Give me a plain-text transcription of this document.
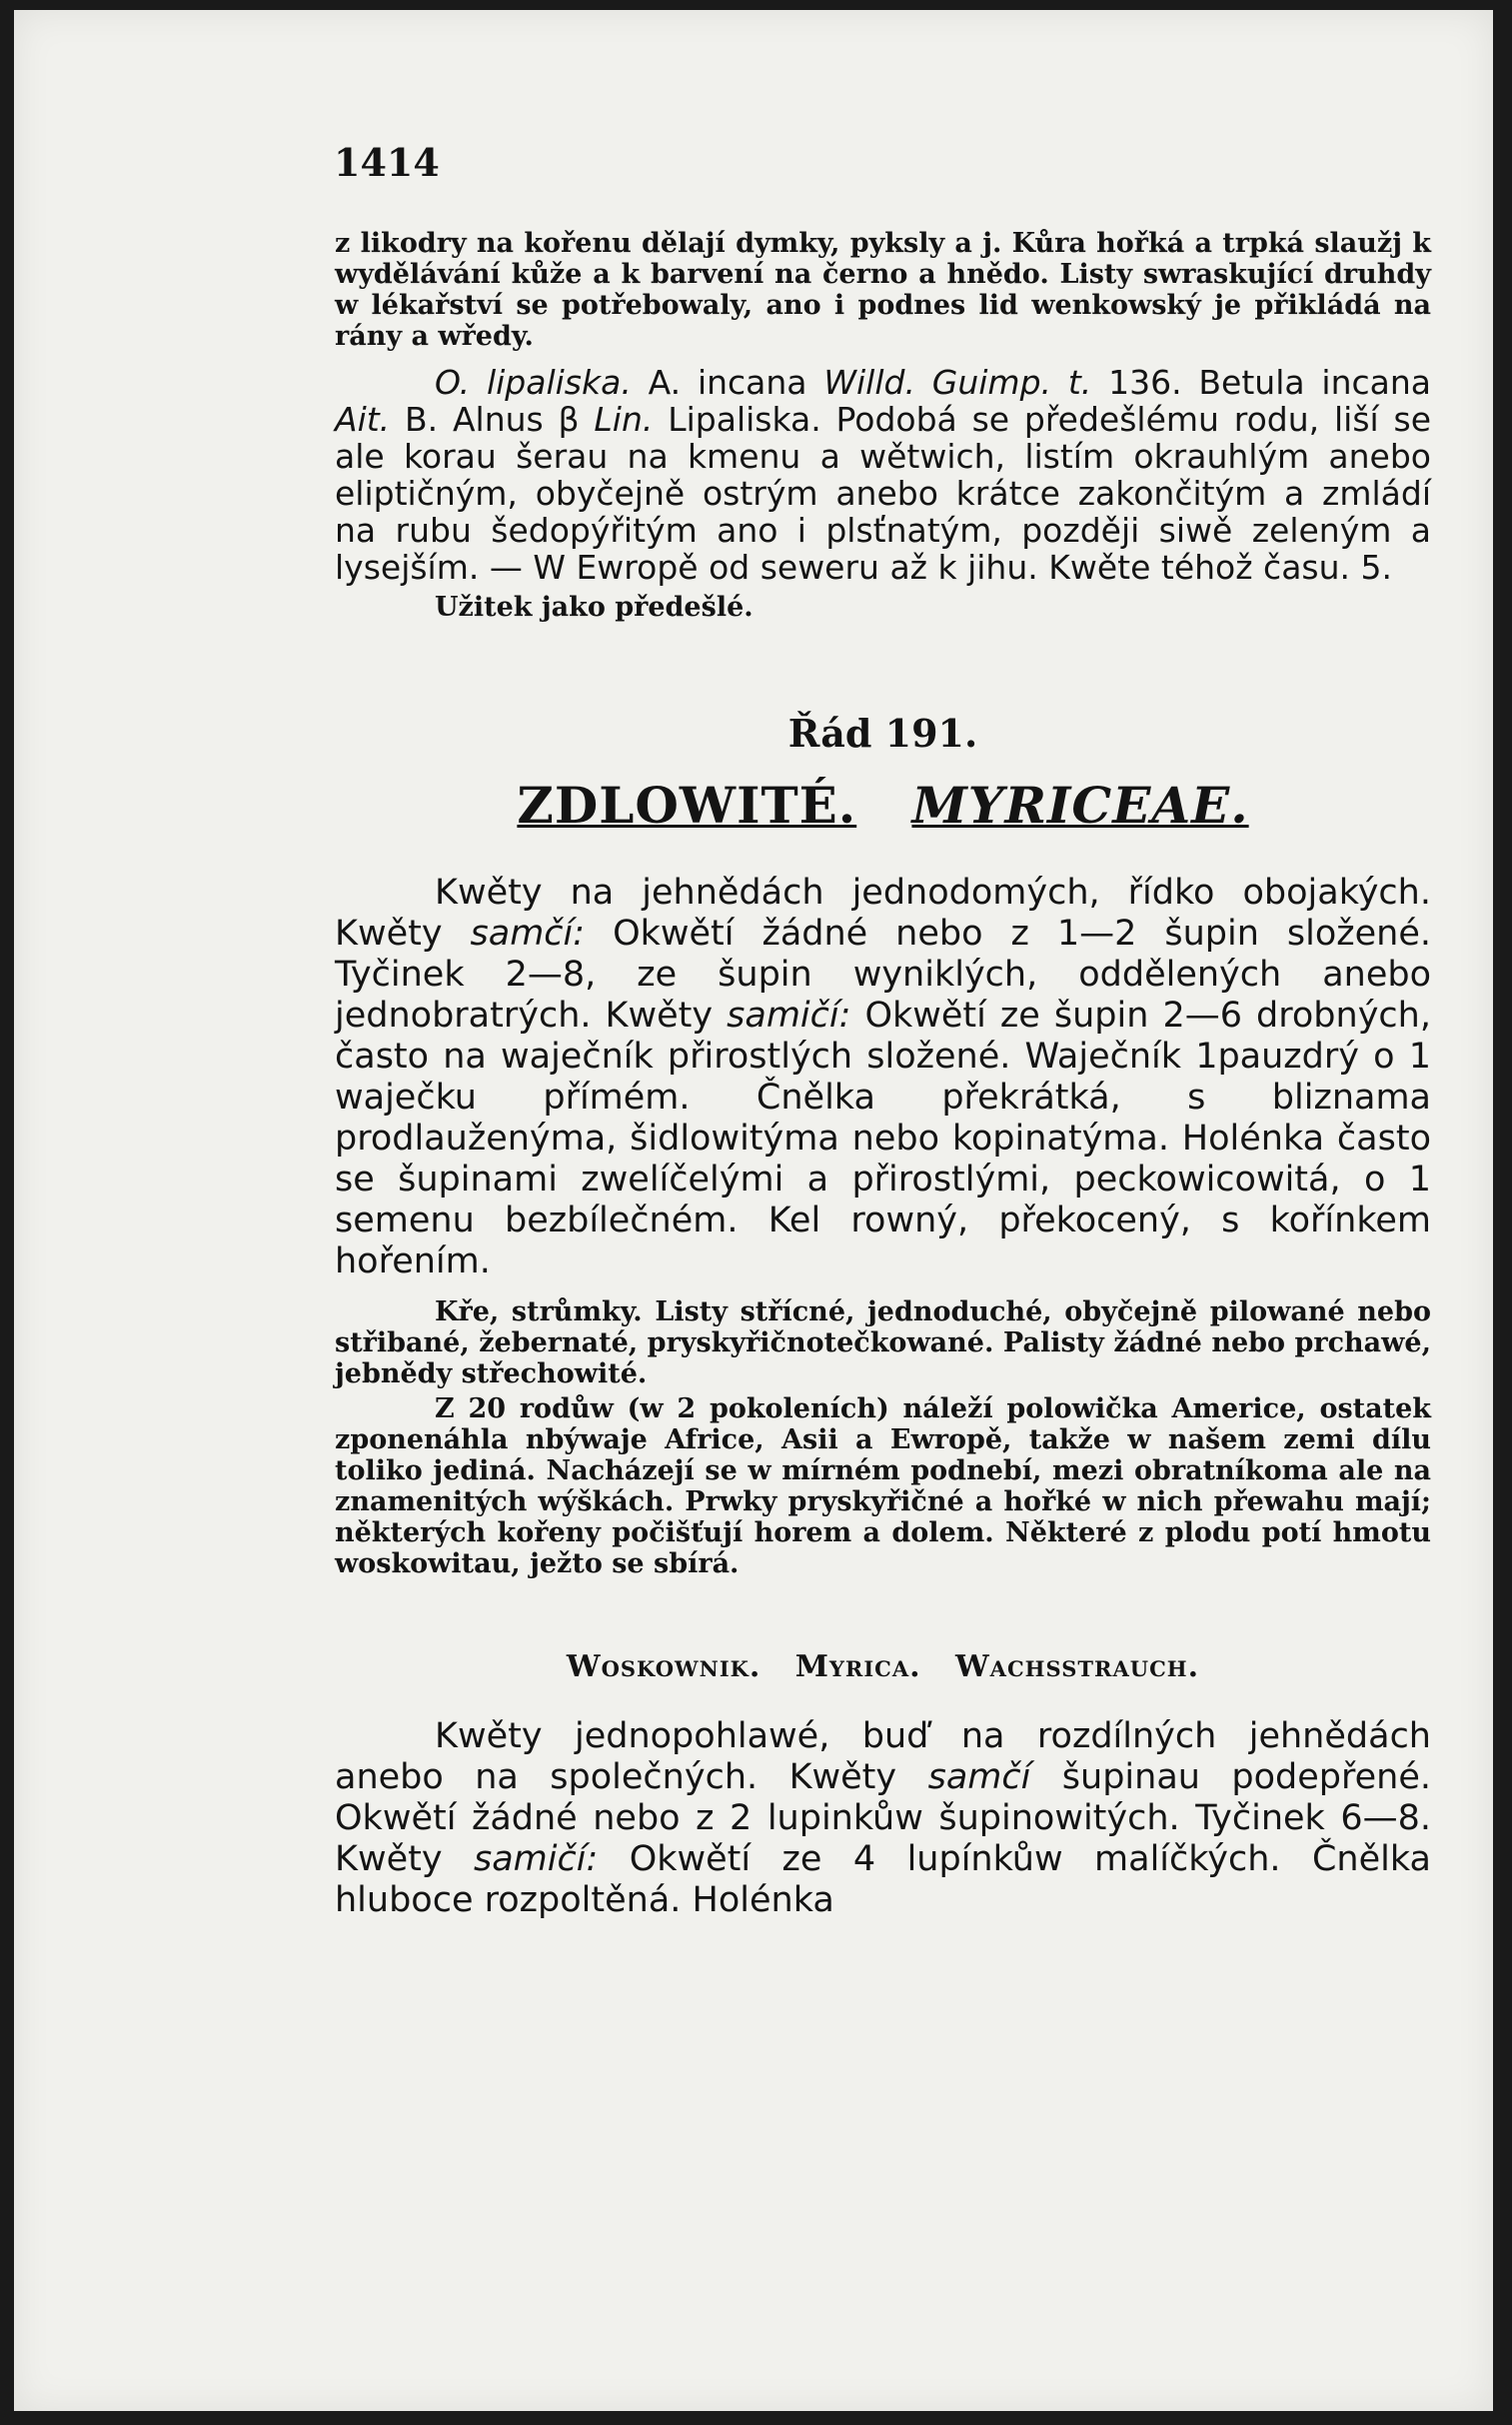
1414

z likodry na kořenu dělají dymky, pyksly a j. Kůra hořká a trpká slaužj k wydělávání kůže a k barvení na černo a hnědo. Listy swraskující druhdy w lékařství se potřebowaly, ano i podnes lid wenkowský je přikládá na rány a wředy.

O. lipaliska. A. incana Willd. Guimp. t. 136. Betula incana Ait. B. Alnus β Lin. Lipaliska. Podobá se předešlému rodu, liší se ale korau šerau na kmenu a wětwich, listím okrauhlým anebo eliptičným, obyčejně ostrým anebo krátce zakončitým a zmládí na rubu šedopýřitým ano i plsťnatým, později siwě zeleným a lysejším. — W Ewropě od seweru až k jihu. Kwěte téhož času. 5.

Užitek jako předešlé.

Řád 191.

ZDLOWITÉ. MYRICEAE.

Kwěty na jehnědách jednodomých, řídko obojakých. Kwěty samčí: Okwětí žádné nebo z 1—2 šupin složené. Tyčinek 2—8, ze šupin wyniklých, oddělených anebo jednobratrých. Kwěty samičí: Okwětí ze šupin 2—6 drobných, často na waječník přirostlých složené. Waječník 1pauzdrý o 1 waječku přímém. Čnělka překrátká, s bliznama prodlauženýma, šidlowitýma nebo kopinatýma. Holénka často se šupinami zwelíčelými a přirostlými, peckowicowitá, o 1 semenu bezbílečném. Kel rowný, překocený, s kořínkem hořením.

Kře, strůmky. Listy střícné, jednoduché, obyčejně pilowané nebo střibané, žebernaté, pryskyřičnotečkowané. Palisty žádné nebo prchawé, jebnědy střechowité.

Z 20 rodůw (w 2 pokoleních) náleží polowička Americe, ostatek zponenáhla nbýwaje Africe, Asii a Ewropě, takže w našem zemi dílu toliko jediná. Nacházejí se w mírném podnebí, mezi obratníkoma ale na znamenitých wýškách. Prwky pryskyřičné a hořké w nich přewahu mají; některých kořeny počišťují horem a dolem. Některé z plodu potí hmotu woskowitau, ježto se sbírá.

Woskownik. Myrica. Wachsstrauch.

Kwěty jednopohlawé, buď na rozdílných jehnědách anebo na společných. Kwěty samčí šupinau podepřené. Okwětí žádné nebo z 2 lupinkůw šupinowitých. Tyčinek 6—8. Kwěty samičí: Okwětí ze 4 lupínkůw malíčkých. Čnělka hluboce rozpoltěná. Holénka
